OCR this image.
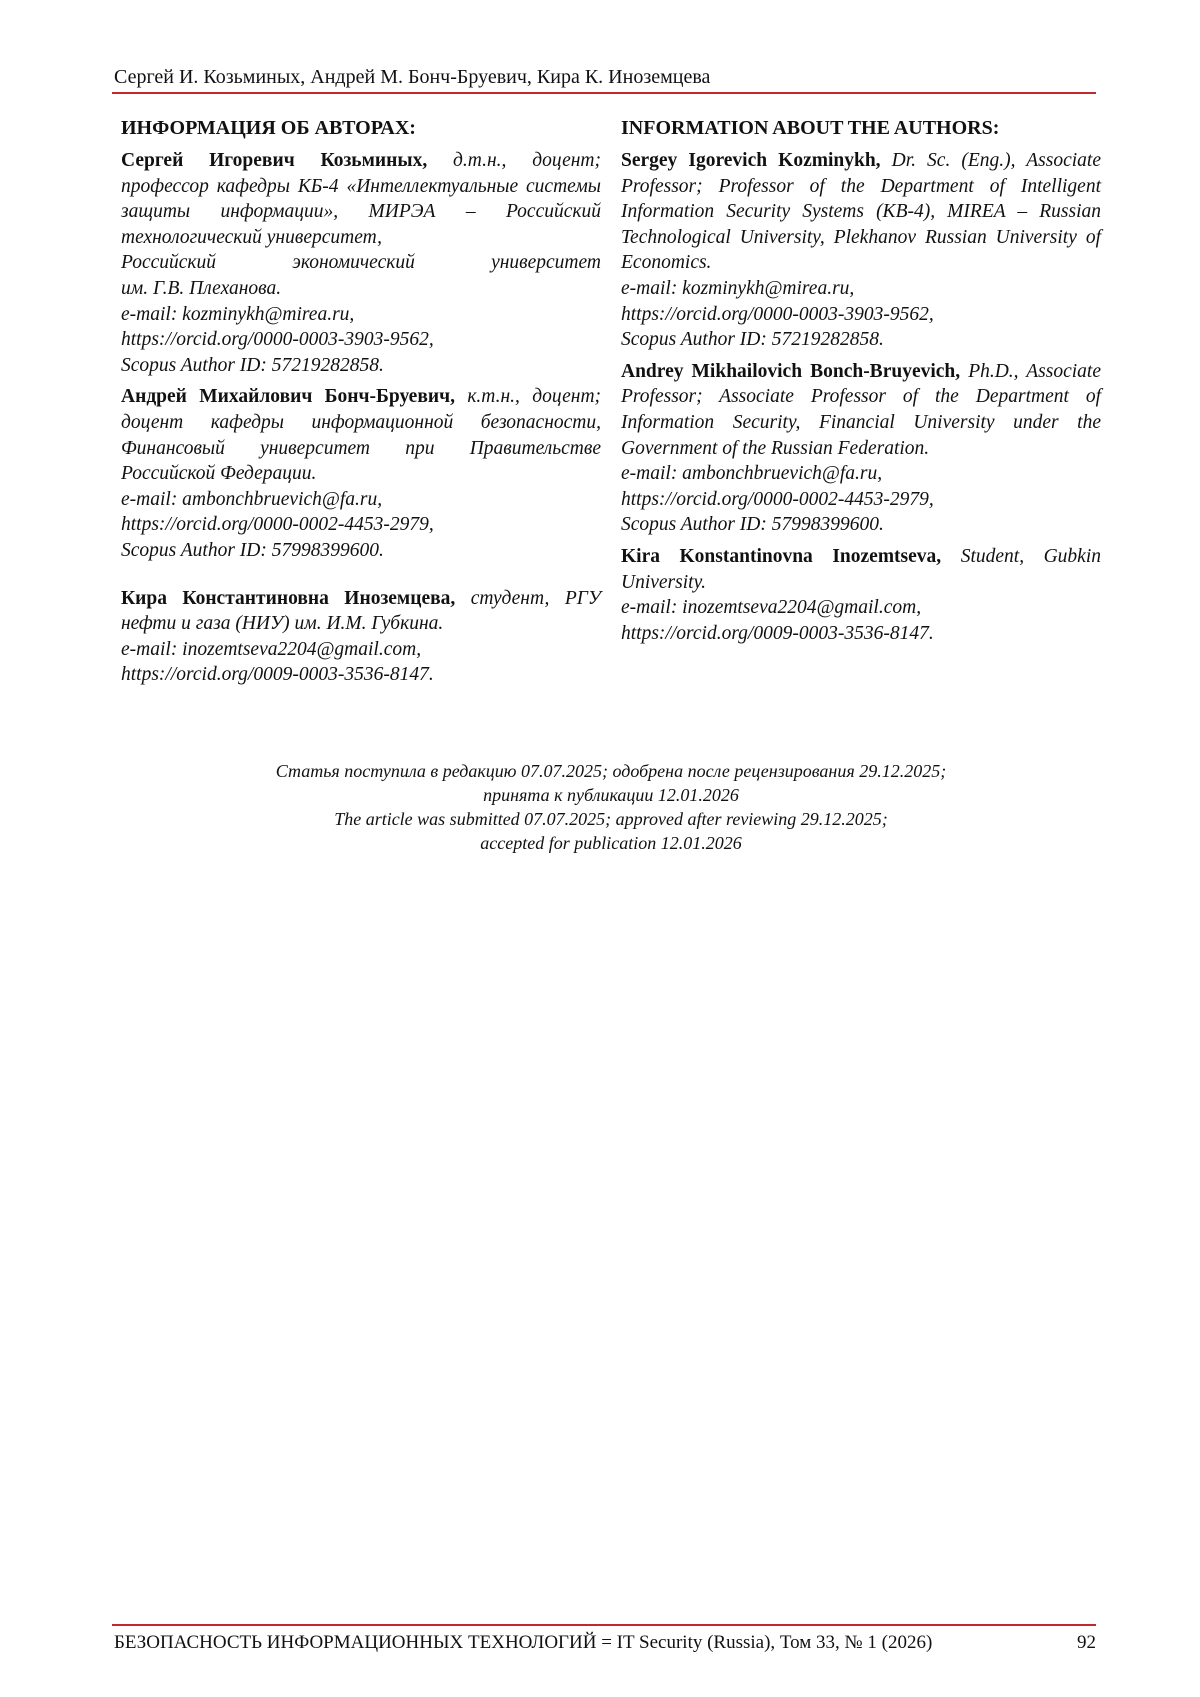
Сергей И. Козьминых, Андрей М. Бонч-Бруевич, Кира К. Иноземцева
ИНФОРМАЦИЯ ОБ АВТОРАХ:

Сергей Игоревич Козьминых, д.т.н., доцент; профессор кафедры КБ-4 «Интеллектуальные системы защиты информации», МИРЭА – Российский технологический университет,

Российский	экономический	университет
им. Г.В. Плеханова.
e-mail: kozminykh@mirea.ru,
https://orcid.org/0000-0003-3903-9562,
Scopus Author ID: 57219282858.

Андрей Михайлович Бонч-Бруевич, к.т.н., доцент; доцент кафедры информационной безопасности, Финансовый университет при Правительстве Российской Федерации.

e-mail: ambonchbruevich@fa.ru,
https://orcid.org/0000-0002-4453-2979,
Scopus Author ID: 57998399600.

Кира Константиновна Иноземцева, студент, РГУ нефти и газа (НИУ) им. И.М. Губкина.

e-mail: inozemtseva2204@gmail.com,
https://orcid.org/0009-0003-3536-8147.
INFORMATION ABOUT THE AUTHORS:

Sergey Igorevich Kozminykh, Dr. Sc. (Eng.), Associate Professor; Professor of the Department of Intelligent Information Security Systems (KB-4), MIREA – Russian Technological University, Plekhanov Russian University of Economics.

e-mail: kozminykh@mirea.ru,
https://orcid.org/0000-0003-3903-9562,
Scopus Author ID: 57219282858.

Andrey Mikhailovich Bonch-Bruyevich, Ph.D., Associate Professor; Associate Professor of the Department of Information Security, Financial University under the Government of the Russian Federation.

e-mail: ambonchbruevich@fa.ru,
https://orcid.org/0000-0002-4453-2979,
Scopus Author ID: 57998399600.

Kira Konstantinovna Inozemtseva, Student, Gubkin University.

e-mail: inozemtseva2204@gmail.com,
https://orcid.org/0009-0003-3536-8147.
Статья поступила в редакцию 07.07.2025; одобрена после рецензирования 29.12.2025;
принята к публикации 12.01.2026
The article was submitted 07.07.2025; approved after reviewing 29.12.2025;
accepted for publication 12.01.2026
БЕЗОПАСНОСТЬ ИНФОРМАЦИОННЫХ ТЕХНОЛОГИЙ = IT Security (Russia), Том 33, № 1 (2026)	92
